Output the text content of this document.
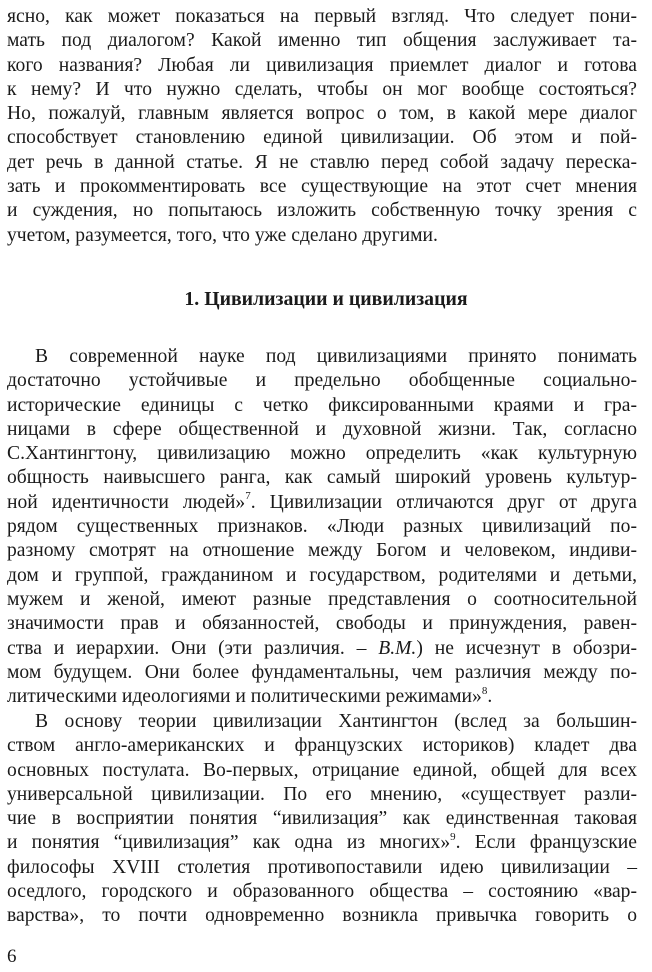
ясно, как может показаться на первый взгляд. Что следует пони-
мать под диалогом? Какой именно тип общения заслуживает та-
кого названия? Любая ли цивилизация приемлет диалог и готова
к нему? И что нужно сделать, чтобы он мог вообще состояться?
Но, пожалуй, главным является вопрос о том, в какой мере диалог
способствует становлению единой цивилизации. Об этом и пой-
дет речь в данной статье. Я не ставлю перед собой задачу переска-
зать и прокомментировать все существующие на этот счет мнения
и суждения, но попытаюсь изложить собственную точку зрения с
учетом, разумеется, того, что уже сделано другими.
1. Цивилизации и цивилизация
В современной науке под цивилизациями принято понимать
достаточно устойчивые и предельно обобщенные социально-
исторические единицы с четко фиксированными краями и гра-
ницами в сфере общественной и духовной жизни. Так, согласно
С.Хантингтону, цивилизацию можно определить «как культурную
общность наивысшего ранга, как самый широкий уровень культур-
ной идентичности людей»$^7$. Цивилизации отличаются друг от друга
рядом существенных признаков. «Люди разных цивилизаций по-
разному смотрят на отношение между Богом и человеком, индиви-
дом и группой, гражданином и государством, родителями и детьми,
мужем и женой, имеют разные представления о соотносительной
значимости прав и обязанностей, свободы и принуждения, равен-
ства и иерархии. Они (эти различия. – В.М.) не исчезнут в обозри-
мом будущем. Они более фундаментальны, чем различия между по-
литическими идеологиями и политическими режимами»$^8$.
В основу теории цивилизации Хантингтон (вслед за большин-
ством англо-американских и французских историков) кладет два
основных постулата. Во-первых, отрицание единой, общей для всех
универсальной цивилизации. По его мнению, «существует разли-
чие в восприятии понятия “ивилизация” как единственная таковая
и понятия “цивилизация” как одна из многих»$^9$. Если французские
философы XVIII столетия противопоставили идею цивилизации –
оседлого, городского и образованного общества – состоянию «вар-
варства», то почти одновременно возникла привычка говорить о
6
